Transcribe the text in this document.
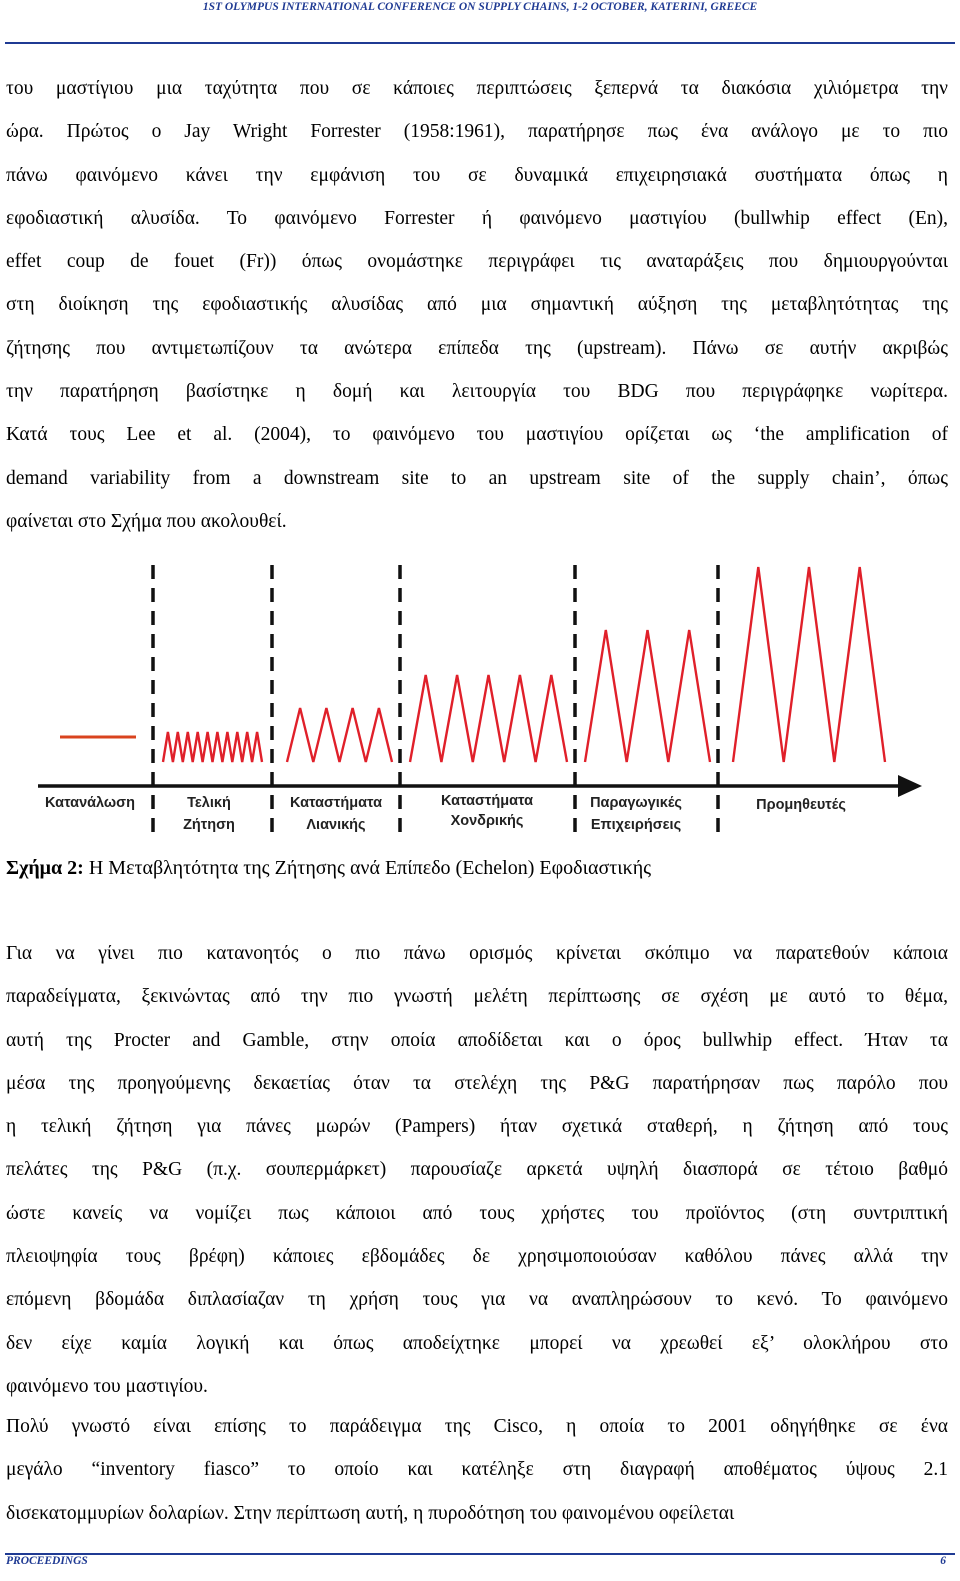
1ST OLYMPUS INTERNATIONAL CONFERENCE ON SUPPLY CHAINS, 1-2 OCTOBER, KATERINI, GREECE
του μαστίγιου μια ταχύτητα που σε κάποιες περιπτώσεις ξεπερνά τα διακόσια χιλιόμετρα την
ώρα. Πρώτος ο Jay Wright Forrester (1958:1961), παρατήρησε πως ένα ανάλογο με το πιο
πάνω φαινόμενο κάνει την εμφάνιση του σε δυναμικά επιχειρησιακά συστήματα όπως η
εφοδιαστική αλυσίδα. Το φαινόμενο Forrester ή φαινόμενο μαστιγίου (bullwhip effect (En),
effet coup de fouet (Fr)) όπως ονομάστηκε περιγράφει τις αναταράξεις που δημιουργούνται
στη διοίκηση της εφοδιαστικής αλυσίδας από μια σημαντική αύξηση της μεταβλητότητας της
ζήτησης που αντιμετωπίζουν τα ανώτερα επίπεδα της (upstream). Πάνω σε αυτήν ακριβώς
την παρατήρηση βασίστηκε η δομή και λειτουργία του BDG που περιγράφηκε νωρίτερα.
Κατά τους Lee et al. (2004), το φαινόμενο του μαστιγίου ορίζεται ως ‘the amplification of
demand variability from a downstream site to an upstream site of the supply chain’, όπως
φαίνεται στο Σχήμα που ακολουθεί.
Κατανάλωση	Τελική
Ζήτηση
Καταστήματα
Λιανικής
Καταστήματα
Χονδρικής
Παραγωγικές
Επιχειρήσεις
Προμηθευτές
Σχήμα 2: Η Μεταβλητότητα της Ζήτησης ανά Επίπεδο (Echelon) Εφοδιαστικής
Για να γίνει πιο κατανοητός ο πιο πάνω ορισμός κρίνεται σκόπιμο να παρατεθούν κάποια
παραδείγματα, ξεκινώντας από την πιο γνωστή μελέτη περίπτωσης σε σχέση με αυτό το θέμα,
αυτή της Procter and Gamble, στην οποία αποδίδεται και ο όρος bullwhip effect. Ήταν τα
μέσα της προηγούμενης δεκαετίας όταν τα στελέχη της P&G παρατήρησαν πως παρόλο που
η τελική ζήτηση για πάνες μωρών (Pampers) ήταν σχετικά σταθερή, η ζήτηση από τους
πελάτες της P&G (π.χ. σουπερμάρκετ) παρουσίαζε αρκετά υψηλή διασπορά σε τέτοιο βαθμό
ώστε κανείς να νομίζει πως κάποιοι από τους χρήστες του προϊόντος (στη συντριπτική
πλειοψηφία τους βρέφη) κάποιες εβδομάδες δε χρησιμοποιούσαν καθόλου πάνες αλλά την
επόμενη βδομάδα διπλασίαζαν τη χρήση τους για να αναπληρώσουν το κενό. Το φαινόμενο
δεν είχε καμία λογική και όπως αποδείχτηκε μπορεί να χρεωθεί εξ’ ολοκλήρου στο
φαινόμενο του μαστιγίου.
Πολύ γνωστό είναι επίσης το παράδειγμα της Cisco, η οποία το 2001 οδηγήθηκε σε ένα
μεγάλο “inventory fiasco” το οποίο και κατέληξε στη διαγραφή αποθέματος ύψους 2.1
δισεκατομμυρίων δολαρίων. Στην περίπτωση αυτή, η πυροδότηση του φαινομένου οφείλεται
PROCEEDINGS	6
